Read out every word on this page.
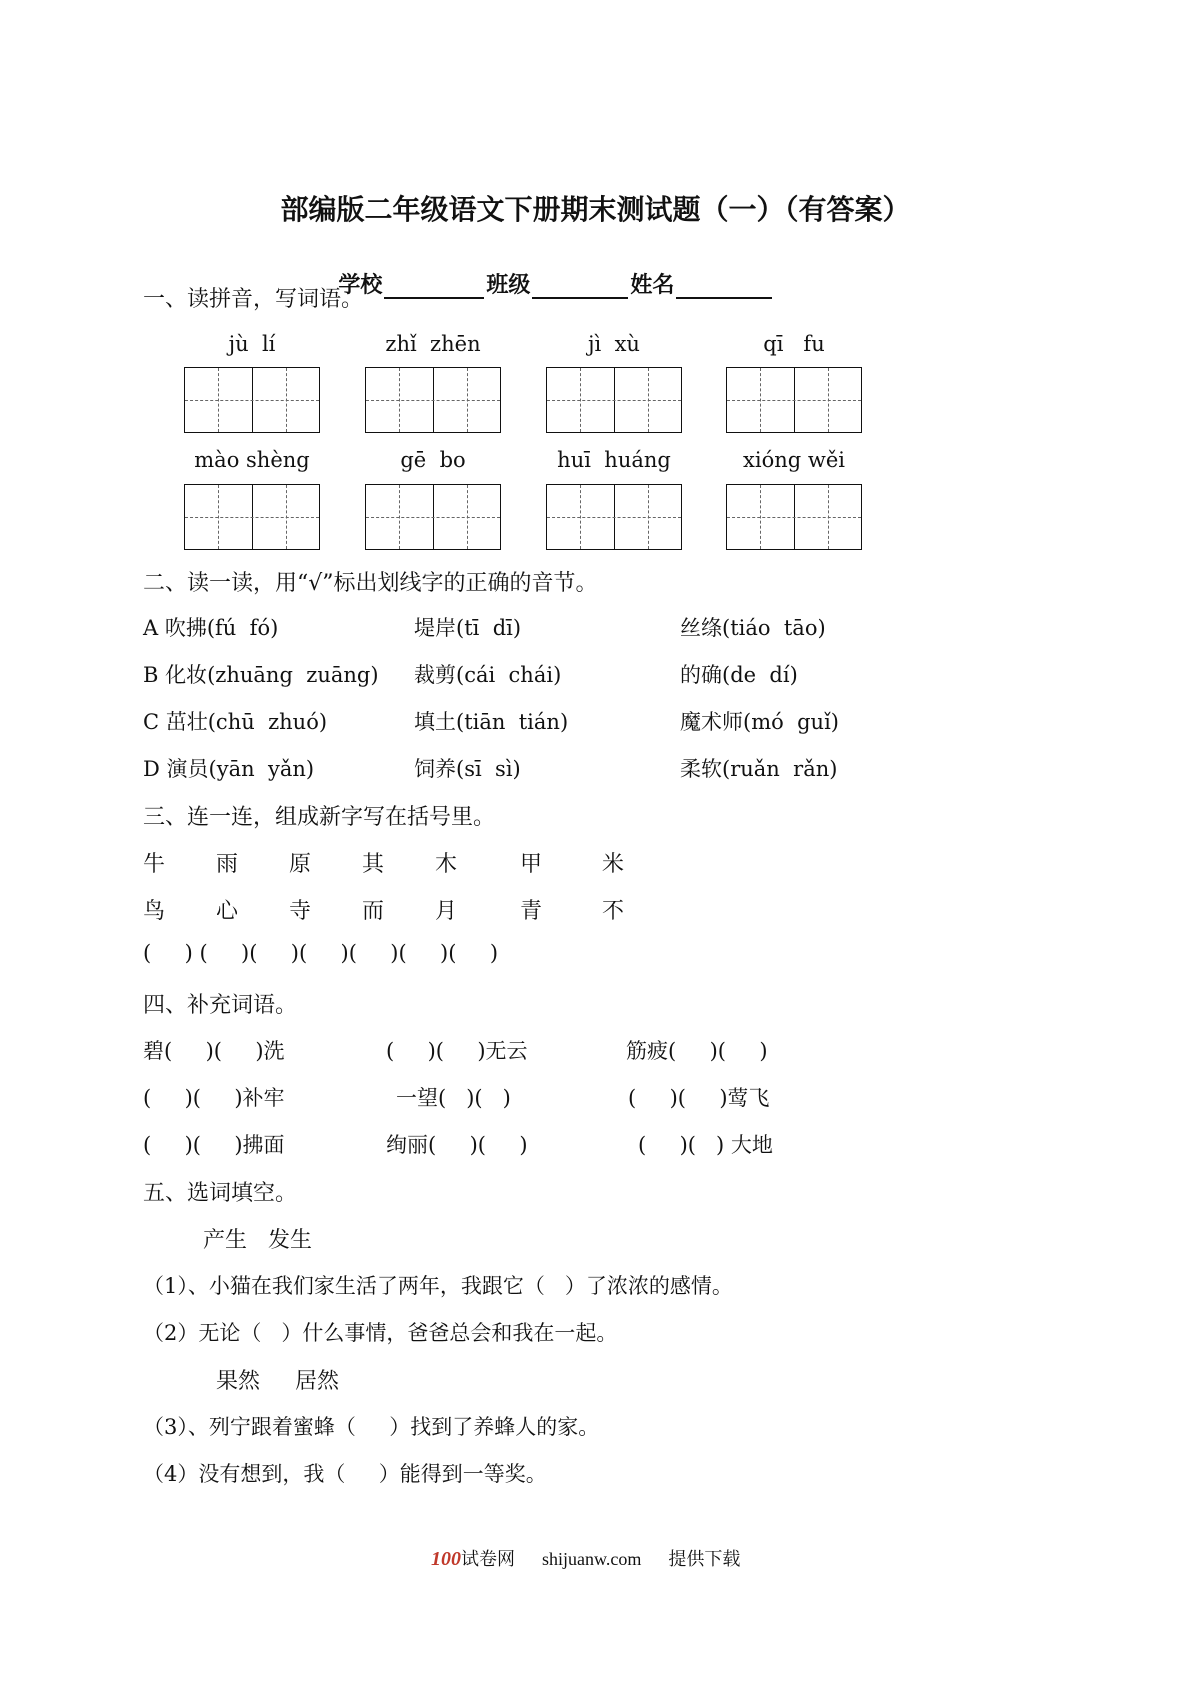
部编版二年级语文下册期末测试题（一）（有答案）

学校	班级	姓名

一、读拼音，写词语。
jù  lí	zhǐ  zhēn	jì  xù	qī   fu
mào shèng	gē  bo	huī  huáng	xióng wěi
二、读一读，用“√”标出划线字的正确的音节。
A 吹拂(fú  fó)	堤岸(tī  dī)	丝绦(tiáo  tāo)
B 化妆(zhuāng  zuāng) 裁剪(cái  chái)	的确(de  dí)
C 茁壮(chū  zhuó)	填土(tiān  tián)	魔术师(mó  guǐ)
D 演员(yān  yǎn)	饲养(sī  sì)	柔软(ruǎn  rǎn)
三、连一连，组成新字写在括号里。
牛 雨 原 其 木	甲	米
鸟 心 寺 而 月	青	不
(     ) (     )(     )(     )(     )(     )(     )
四、补充词语。
碧(     )(     )洗	(     )(     )无云	筋疲(     )(     )
(     )(     )补牢	一望(   )(   )	(     )(     )莺飞
(     )(     )拂面	绚丽(     )(     )	(     )(   ) 大地
五、选词填空。
产生   发生
（1）、小猫在我们家生活了两年，我跟它（   ）了浓浓的感情。
（2）无论（   ）什么事情，爸爸总会和我在一起。
果然     居然
（3）、列宁跟着蜜蜂（     ）找到了养蜂人的家。
（4）没有想到，我（     ）能得到一等奖。

100试卷网 shijuanw.com 提供下载
